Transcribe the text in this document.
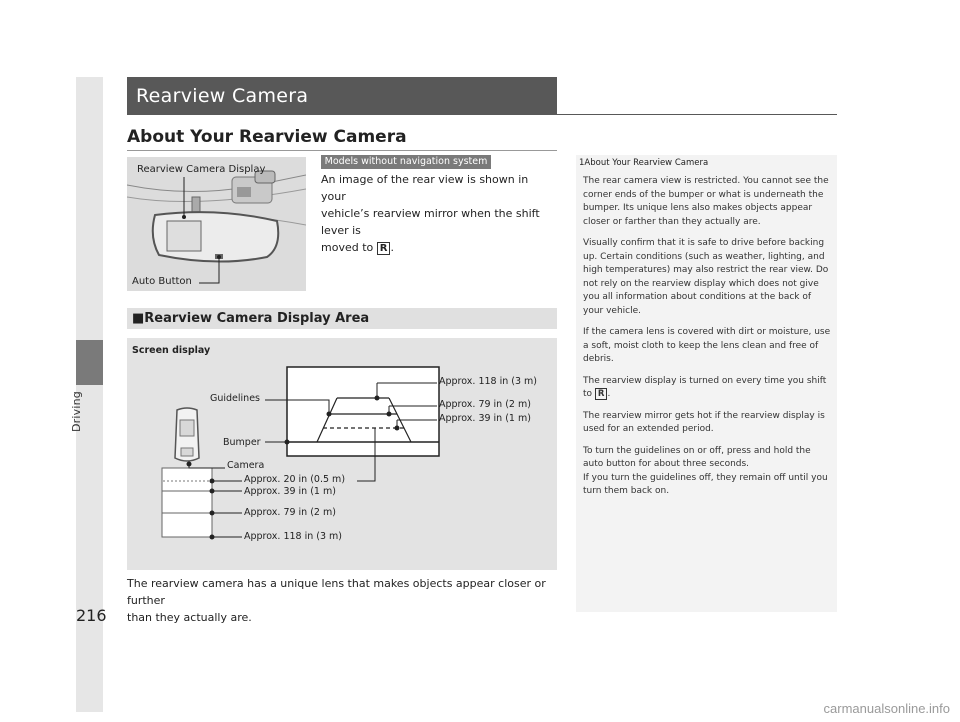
Driving
216
Rearview Camera
About Your Rearview Camera
Rearview Camera Display
Auto Button
Models without navigation system
An image of the rear view is shown in your
vehicle’s rearview mirror when the shift lever is
moved to R .
■Rearview Camera Display Area
Screen display
Guidelines
Bumper
Camera
Approx. 118 in (3 m)
Approx. 79 in (2 m)
Approx. 39 in (1 m)
Approx. 20 in (0.5 m)
Approx. 39 in (1 m)
Approx. 79 in (2 m)
Approx. 118 in (3 m)
The rearview camera has a unique lens that makes objects appear closer or further
than they actually are.
1About Your Rearview Camera

The rear camera view is restricted. You cannot see the corner ends of the bumper or what is underneath the bumper. Its unique lens also makes objects appear closer or farther than they actually are.

Visually confirm that it is safe to drive before backing up. Certain conditions (such as weather, lighting, and high temperatures) may also restrict the rear view. Do not rely on the rearview display which does not give you all information about conditions at the back of your vehicle.

If the camera lens is covered with dirt or moisture, use a soft, moist cloth to keep the lens clean and free of debris.

The rearview display is turned on every time you shift to R .

The rearview mirror gets hot if the rearview display is used for an extended period.

To turn the guidelines on or off, press and hold the auto button for about three seconds.

If you turn the guidelines off, they remain off until you turn them back on.

carmanualsonline.info
